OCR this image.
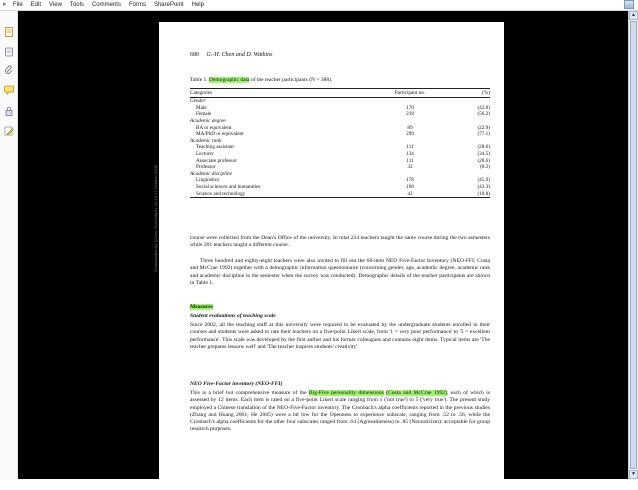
▸	File Edit View Tools Comments Forms SharePoint Help
Downloaded By: [Chen, Guo-Hai] At: 10:15 17 October 2008
680 G.-H. Chen and D. Watkins
Table 1. Demographic data of the teacher participants (N = 388).
Categories	Participant no.	(%)
Gender		
Male	170	(43.8)
Female	218	(56.2)
Academic degree		
BA or equivalent	89	(22.9)
MA/PhD or equivalent	299	(77.1)
Academic rank		
Teaching assistant	111	(28.6)
Lecturer	134	(34.5)
Associate professor	111	(28.6)
Professor	32	(8.2)
Academic discipline		
Linguistics	178	(45.9)
Social sciences and humanities	168	(43.3)
Science and technology	42	(10.8)
course were collected from the Dean's Office of the university. In total 234 teachers taught the same course during the two semesters while 201 teachers taught a different course.
Three hundred and eighty-eight teachers were also invited to fill out the 60-item NEO Five-Factor Inventory (NEO-FFI; Costa and McCrae 1992) together with a demographic information questionnaire (concerning gender, age, academic degree, academic rank and academic discipline in the semester when the survey was conducted). Demographic details of the teacher participants are shown in Table 1.
Measures
Student evaluations of teaching scale
Since 2002, all the teaching staff at this university were required to be evaluated by the undergraduate students enrolled in their courses and students were asked to rate their teachers on a five-point Likert scale, from '1 = very poor performance' to '5 = excellent performance'. This scale was developed by the first author and his former colleagues and contains eight items. Typical items are 'The teacher prepares lessons well' and 'The teacher inspires students' creativity'.
NEO Five-Factor inventory (NEO-FFI)
This is a brief but comprehensive measure of the Big-Five personality dimensions (Costa and McCrae 1992), each of which is assessed by 12 items. Each item is rated on a five-point Likert scale ranging from 1 ('not true') to 5 ('very true'). The present study employed a Chinese translation of the NEO-Five-Factor inventory. The Cronbach's alpha coefficients reported in the previous studies (Zhang and Huang 2001; He 2005) were a bit low for the Openness to experience subscale, ranging from .52 to .56, while the Cronbach's alpha coefficients for the other four subscales ranged from .64 (Agreeableness) to .85 (Neuroticism): acceptable for group research purposes.
▲
▼
